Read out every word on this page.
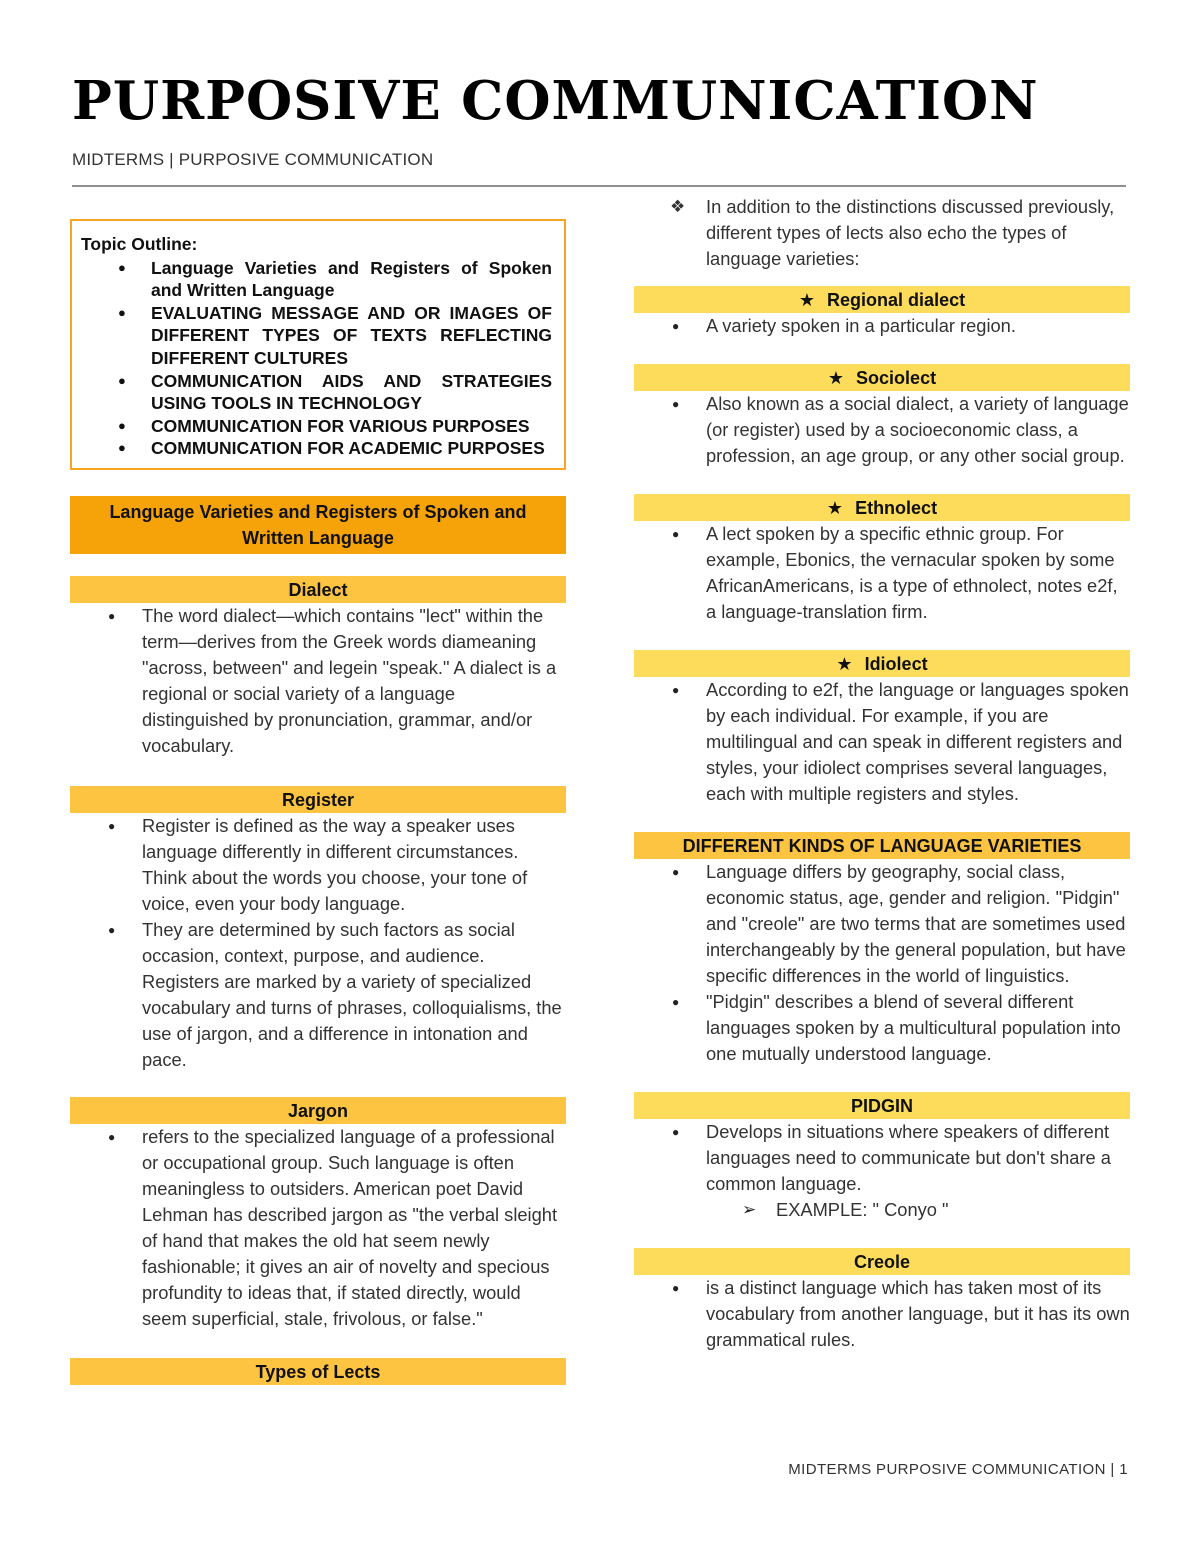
PURPOSIVE COMMUNICATION
MIDTERMS | PURPOSIVE COMMUNICATION
Topic Outline:
● Language Varieties and Registers of Spoken and Written Language
● EVALUATING MESSAGE AND OR IMAGES OF DIFFERENT TYPES OF TEXTS REFLECTING DIFFERENT CULTURES
● COMMUNICATION AIDS AND STRATEGIES USING TOOLS IN TECHNOLOGY
● COMMUNICATION FOR VARIOUS PURPOSES
● COMMUNICATION FOR ACADEMIC PURPOSES
Language Varieties and Registers of Spoken and Written Language
Dialect
● The word dialect—which contains "lect" within the term—derives from the Greek words diameaning "across, between" and legein "speak." A dialect is a regional or social variety of a language distinguished by pronunciation, grammar, and/or vocabulary.
Register
● Register is defined as the way a speaker uses language differently in different circumstances. Think about the words you choose, your tone of voice, even your body language.
● They are determined by such factors as social occasion, context, purpose, and audience. Registers are marked by a variety of specialized vocabulary and turns of phrases, colloquialisms, the use of jargon, and a difference in intonation and pace.
Jargon
● refers to the specialized language of a professional or occupational group. Such language is often meaningless to outsiders. American poet David Lehman has described jargon as "the verbal sleight of hand that makes the old hat seem newly fashionable; it gives an air of novelty and specious profundity to ideas that, if stated directly, would seem superficial, stale, frivolous, or false."
Types of Lects
❖ In addition to the distinctions discussed previously, different types of lects also echo the types of language varieties:
★ Regional dialect
● A variety spoken in a particular region.
★ Sociolect
● Also known as a social dialect, a variety of language (or register) used by a socioeconomic class, a profession, an age group, or any other social group.
★ Ethnolect
● A lect spoken by a specific ethnic group. For example, Ebonics, the vernacular spoken by some AfricanAmericans, is a type of ethnolect, notes e2f, a language-translation firm.
★ Idiolect
● According to e2f, the language or languages spoken by each individual. For example, if you are multilingual and can speak in different registers and styles, your idiolect comprises several languages, each with multiple registers and styles.
DIFFERENT KINDS OF LANGUAGE VARIETIES
● Language differs by geography, social class, economic status, age, gender and religion. "Pidgin" and "creole" are two terms that are sometimes used interchangeably by the general population, but have specific differences in the world of linguistics.
● "Pidgin" describes a blend of several different languages spoken by a multicultural population into one mutually understood language.
PIDGIN
● Develops in situations where speakers of different languages need to communicate but don't share a common language.
➢ EXAMPLE: " Conyo "
Creole
● is a distinct language which has taken most of its vocabulary from another language, but it has its own grammatical rules.
MIDTERMS PURPOSIVE COMMUNICATION | 1
